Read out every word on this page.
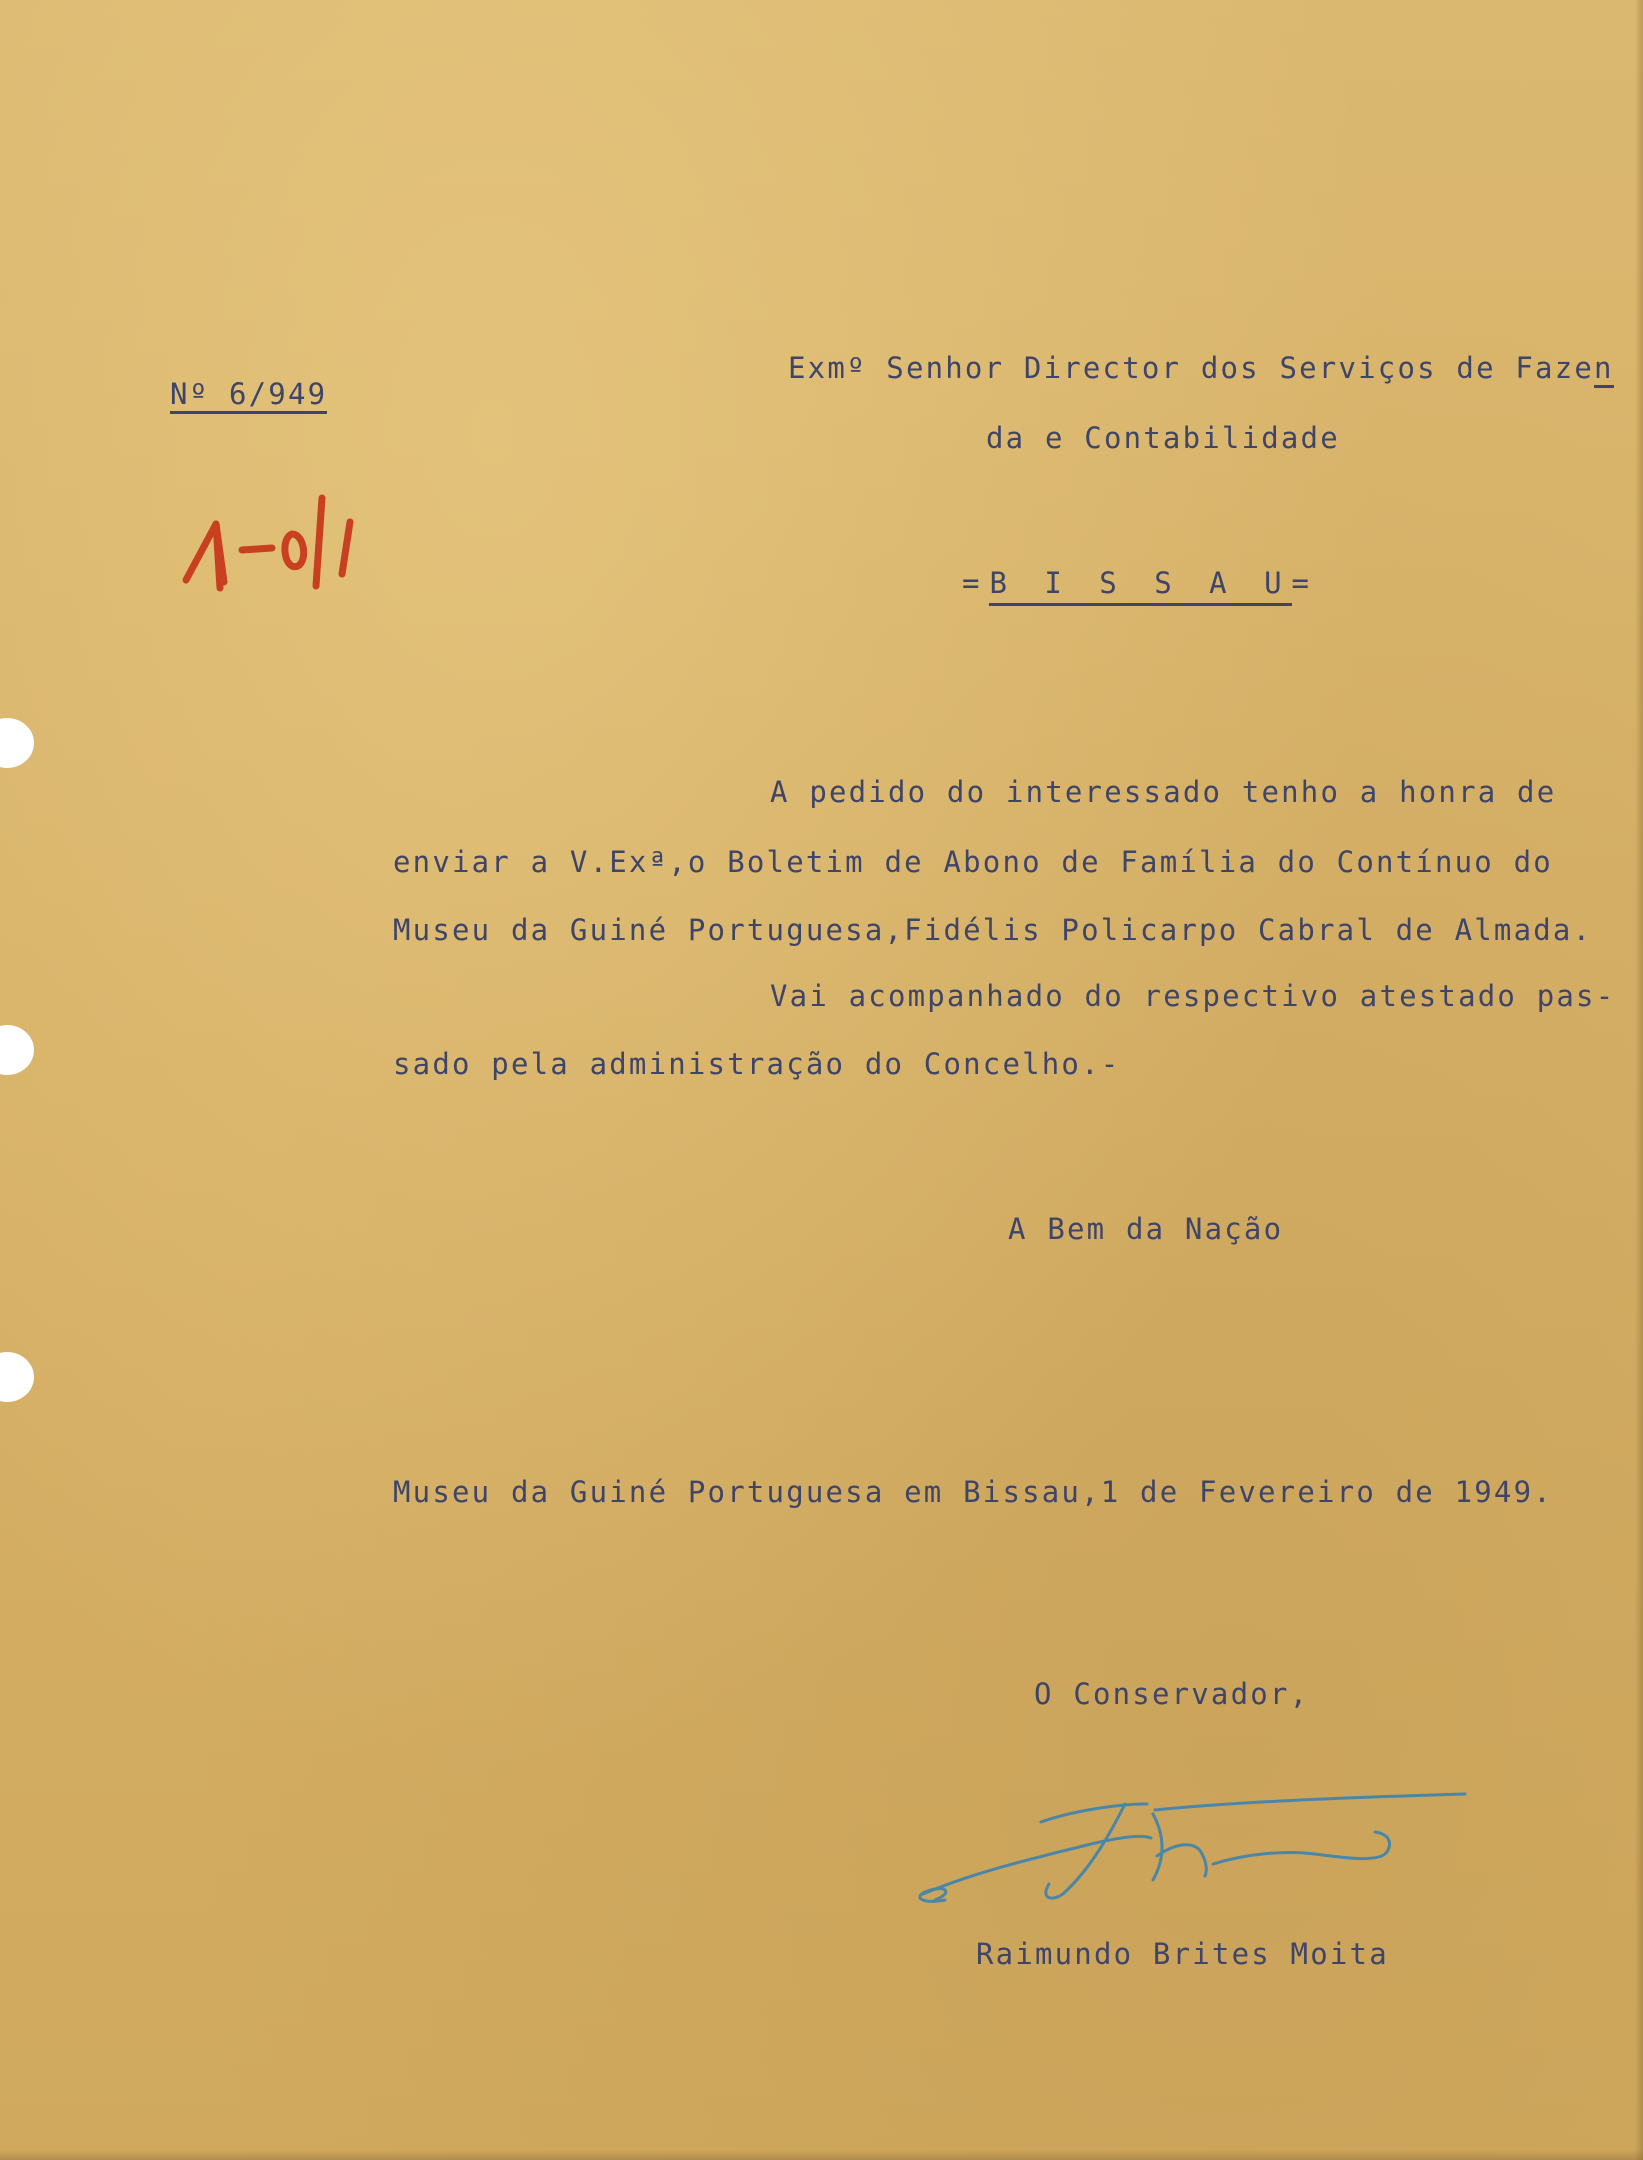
Nº 6/949
Exmº Senhor Director dos Serviços de Fazen
da e Contabilidade
=B I S S A U=
A pedido do interessado tenho a honra de
enviar a V.Exª,o Boletim de Abono de Família do Contínuo do
Museu da Guiné Portuguesa,Fidélis Policarpo Cabral de Almada.
Vai acompanhado do respectivo atestado pas-
sado pela administração do Concelho.-
A Bem da Nação
Museu da Guiné Portuguesa em Bissau,1 de Fevereiro de 1949.
O Conservador,
Raimundo Brites Moita
